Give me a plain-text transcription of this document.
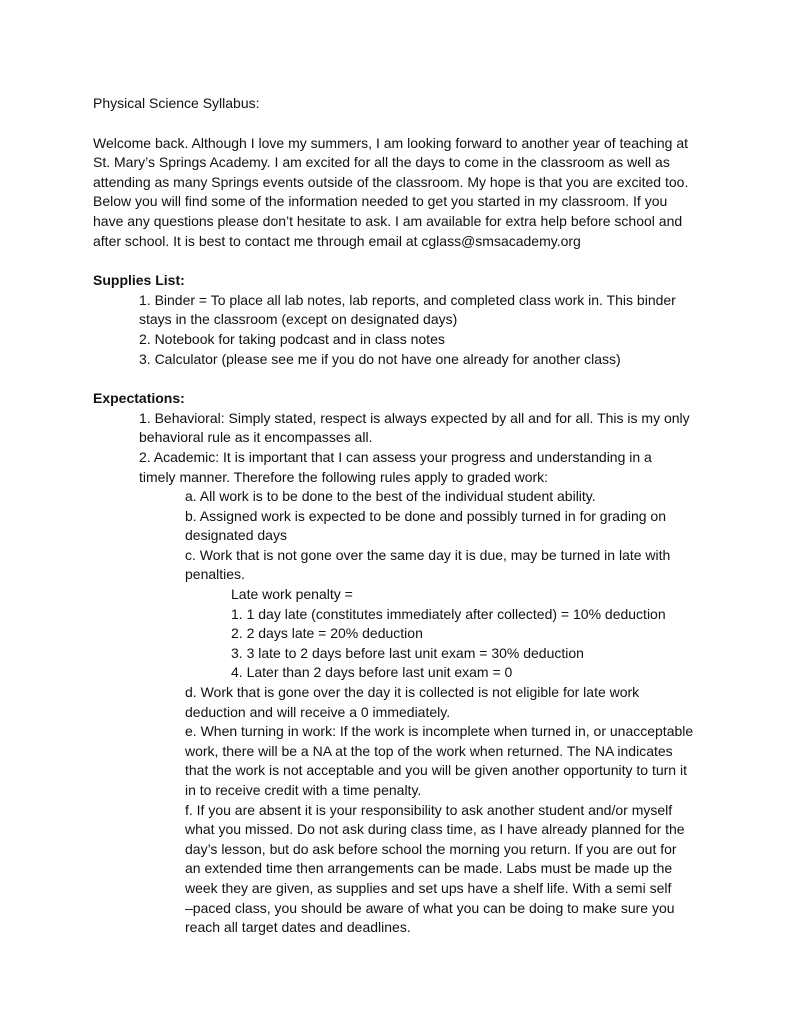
Physical Science Syllabus:
Welcome back. Although I love my summers, I am looking forward to another year of teaching at
St. Mary’s Springs Academy. I am excited for all the days to come in the classroom as well as
attending as many Springs events outside of the classroom. My hope is that you are excited too.
Below you will find some of the information needed to get you started in my classroom. If you
have any questions please don’t hesitate to ask. I am available for extra help before school and
after school. It is best to contact me through email at cglass@smsacademy.org
Supplies List:
1. Binder = To place all lab notes, lab reports, and completed class work in. This binder
stays in the classroom (except on designated days)
2. Notebook for taking podcast and in class notes
3. Calculator (please see me if you do not have one already for another class)
Expectations:
1. Behavioral: Simply stated, respect is always expected by all and for all. This is my only
behavioral rule as it encompasses all.
2. Academic: It is important that I can assess your progress and understanding in a
timely manner. Therefore the following rules apply to graded work:
a. All work is to be done to the best of the individual student ability.
b. Assigned work is expected to be done and possibly turned in for grading on
designated days
c. Work that is not gone over the same day it is due, may be turned in late with
penalties.
Late work penalty =
1. 1 day late (constitutes immediately after collected) = 10% deduction
2. 2 days late = 20% deduction
3. 3 late to 2 days before last unit exam = 30% deduction
4. Later than 2 days before last unit exam = 0
d. Work that is gone over the day it is collected is not eligible for late work
deduction and will receive a 0 immediately.
e. When turning in work: If the work is incomplete when turned in, or unacceptable
work, there will be a NA at the top of the work when returned. The NA indicates
that the work is not acceptable and you will be given another opportunity to turn it
in to receive credit with a time penalty.
f. If you are absent it is your responsibility to ask another student and/or myself
what you missed. Do not ask during class time, as I have already planned for the
day’s lesson, but do ask before school the morning you return. If you are out for
an extended time then arrangements can be made. Labs must be made up the
week they are given, as supplies and set ups have a shelf life. With a semi self
–paced class, you should be aware of what you can be doing to make sure you
reach all target dates and deadlines.
